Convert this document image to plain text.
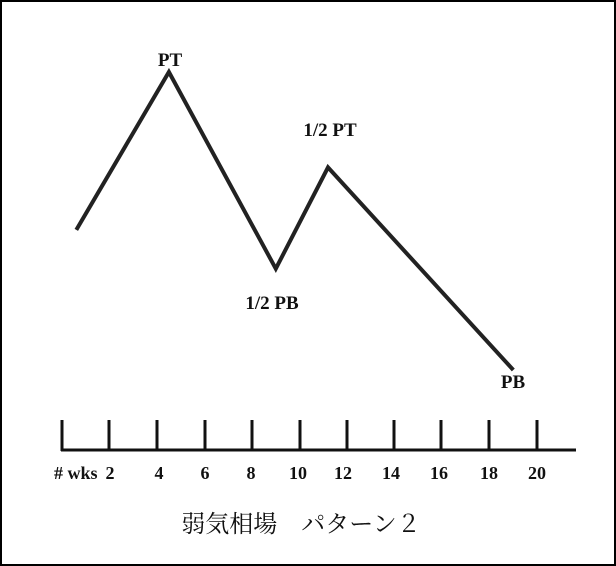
PT
1/2 PB
1/2 PT
PB
# wks 2 4 6 8 10 12 14 16 18 20
弱気相場　パターン２
